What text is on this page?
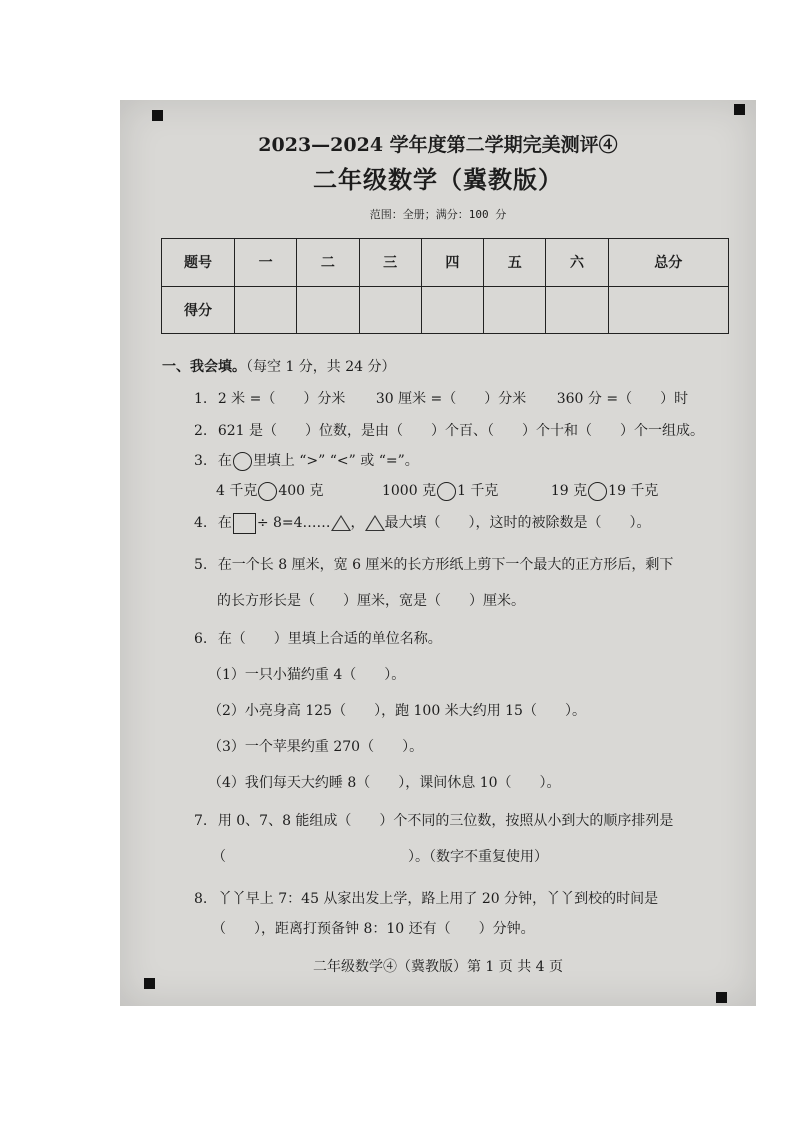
2023—2024 学年度第二学期完美测评④
二年级数学（冀教版）
范围：全册；满分：100 分
题号	一	二	三	四	五	六	总分
得分							
一、我会填。（每空 1 分，共 24 分）
1. 2 米 =（　　）分米 30 厘米 =（　　）分米 360 分 =（　　）时
2. 621 是（　　）位数，是由（　　）个百、（　　）个十和（　　）个一组成。
3. 在 里填上 “>” “<” 或 “=”。
4 千克 400 克	1000 克 1 千克	19 克 19 千克
4. 在 ÷ 8=4…… ， 最大填（　　），这时的被除数是（　　）。
5. 在一个长 8 厘米，宽 6 厘米的长方形纸上剪下一个最大的正方形后，剩下
的长方形长是（　　）厘米，宽是（　　）厘米。
6. 在（　　）里填上合适的单位名称。
（1）一只小猫约重 4（　　）。
（2）小亮身高 125（　　），跑 100 米大约用 15（　　）。
（3）一个苹果约重 270（　　）。
（4）我们每天大约睡 8（　　），课间休息 10（　　）。
7. 用 0、7、8 能组成（　　）个不同的三位数，按照从小到大的顺序排列是
（　　　　　　　　　　　　　）。（数字不重复使用）
8. 丫丫早上 7：45 从家出发上学，路上用了 20 分钟，丫丫到校的时间是
（　　），距离打预备钟 8：10 还有（　　）分钟。
二年级数学④（冀教版）第 1 页 共 4 页
